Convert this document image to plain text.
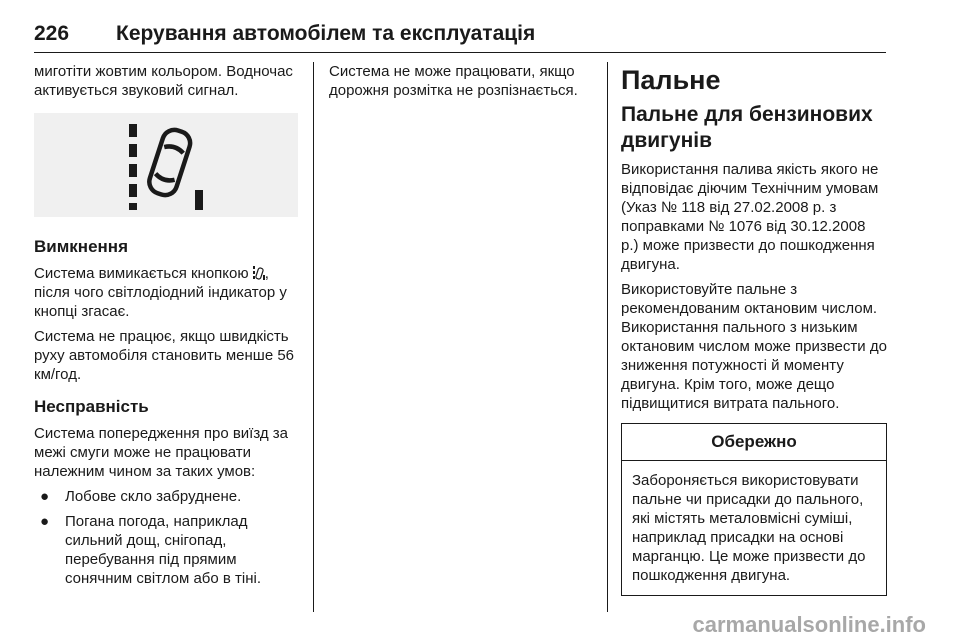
226 Керування автомобілем та експлуатація

миготіти жовтим кольором. Водночас активується звуковий сигнал.

Вимкнення

Система вимикається кнопкою , після чого світлодіодний індикатор у кнопці згасає.

Система не працює, якщо швидкість руху автомобіля становить менше 56 км/год.

Несправність

Система попередження про виїзд за межі смуги може не працювати належним чином за таких умов:

● Лобове скло забруднене.
● Погана погода, наприклад сильний дощ, снігопад, перебування під прямим сонячним світлом або в тіні.

Система не може працювати, якщо дорожня розмітка не розпізнається.	Пальне
Пальне для бензинових двигунів

Використання палива якість якого не відповідає діючим Технічним умовам (Указ № 118 від 27.02.2008 р. з поправками № 1076 від 30.12.2008 р.) може призвести до пошкодження двигуна.

Використовуйте пальне з рекомендованим октановим числом. Використання пального з низьким октановим числом може призвести до зниження потужності й моменту двигуна. Крім того, може дещо підвищитися витрата пального.

Обережно

Забороняється використовувати пальне чи присадки до пального, які містять металовмісні суміші, наприклад присадки на основі марганцю. Це може призвести до пошкодження двигуна.

carmanualsonline.info
